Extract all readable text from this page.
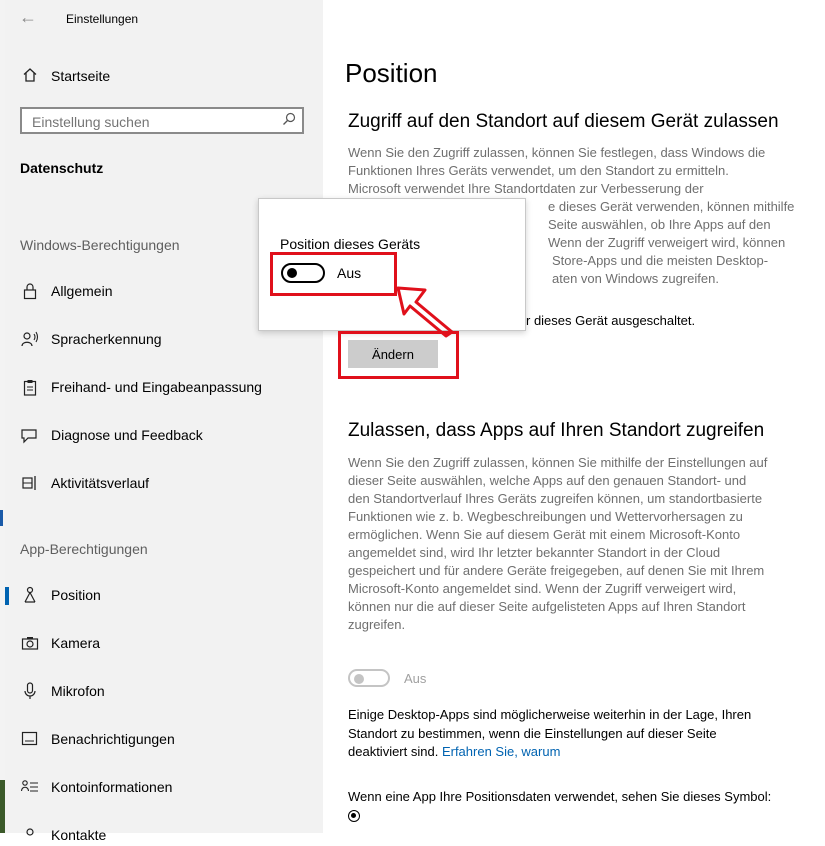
← Einstellungen
Startseite
Einstellung suchen
Datenschutz
Windows-Berechtigungen
Allgemein
Spracherkennung
Freihand- und Eingabeanpassung
Diagnose und Feedback
Aktivitätsverlauf
App-Berechtigungen
Position
Kamera
Mikrofon
Benachrichtigungen
Kontoinformationen
Kontakte
Position
Zugriff auf den Standort auf diesem Gerät zulassen
Wenn Sie den Zugriff zulassen, können Sie festlegen, dass Windows die
Funktionen Ihres Geräts verwendet, um den Standort zu ermitteln.
Microsoft verwendet Ihre Standortdaten zur Verbesserung der
e dieses Gerät verwenden, können mithilfe
Seite auswählen, ob Ihre Apps auf den
Wenn der Zugriff verweigert wird, können
Store-Apps und die meisten Desktop-
aten von Windows zugreifen.
r dieses Gerät ausgeschaltet.
Ändern
Zulassen, dass Apps auf Ihren Standort zugreifen
Wenn Sie den Zugriff zulassen, können Sie mithilfe der Einstellungen auf
dieser Seite auswählen, welche Apps auf den genauen Standort- und
den Standortverlauf Ihres Geräts zugreifen können, um standortbasierte
Funktionen wie z. b. Wegbeschreibungen und Wettervorhersagen zu
ermöglichen. Wenn Sie auf diesem Gerät mit einem Microsoft-Konto
angemeldet sind, wird Ihr letzter bekannter Standort in der Cloud
gespeichert und für andere Geräte freigegeben, auf denen Sie mit Ihrem
Microsoft-Konto angemeldet sind. Wenn der Zugriff verweigert wird,
können nur die auf dieser Seite aufgelisteten Apps auf Ihren Standort
zugreifen.
Aus
Einige Desktop-Apps sind möglicherweise weiterhin in der Lage, Ihren
Standort zu bestimmen, wenn die Einstellungen auf dieser Seite
deaktiviert sind. Erfahren Sie, warum
Wenn eine App Ihre Positionsdaten verwendet, sehen Sie dieses Symbol:
Position dieses Geräts
Aus
